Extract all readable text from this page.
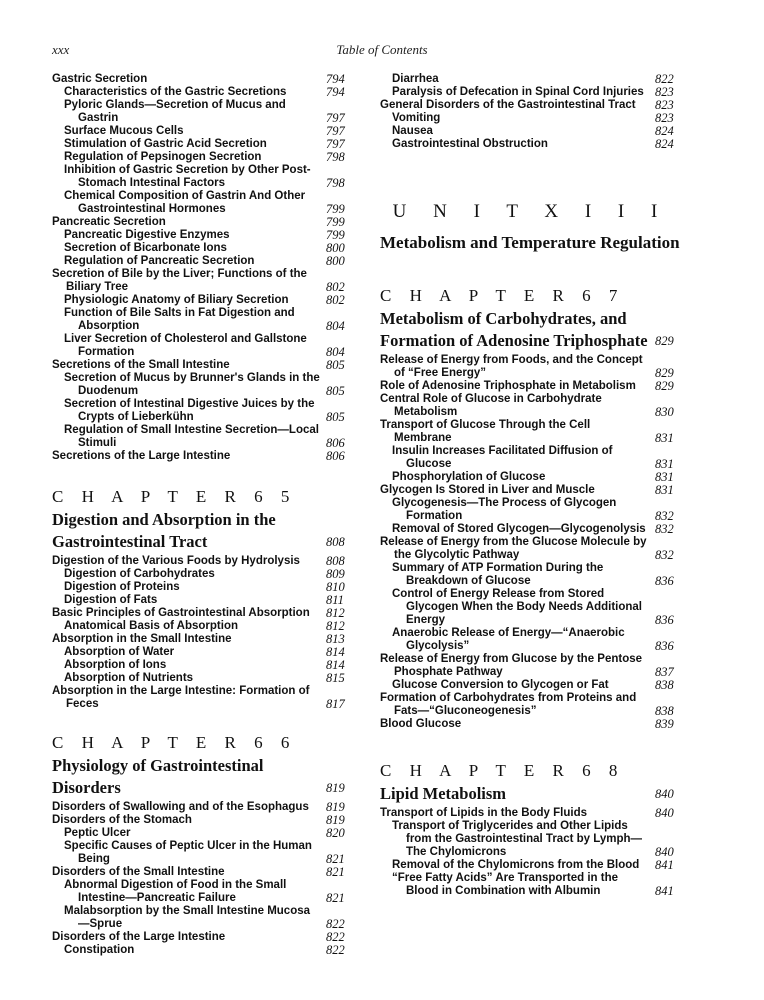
xxx	Table of Contents
Gastric Secretion	794
Characteristics of the Gastric Secretions	794
Pyloric Glands—Secretion of Mucus and Gastrin	797
Surface Mucous Cells	797
Stimulation of Gastric Acid Secretion	797
Regulation of Pepsinogen Secretion	798
Inhibition of Gastric Secretion by Other Post-Stomach Intestinal Factors	798
Chemical Composition of Gastrin And Other Gastrointestinal Hormones	799
Pancreatic Secretion	799
Pancreatic Digestive Enzymes	799
Secretion of Bicarbonate Ions	800
Regulation of Pancreatic Secretion	800
Secretion of Bile by the Liver; Functions of the Biliary Tree	802
Physiologic Anatomy of Biliary Secretion	802
Function of Bile Salts in Fat Digestion and Absorption	804
Liver Secretion of Cholesterol and Gallstone Formation	804
Secretions of the Small Intestine	805
Secretion of Mucus by Brunner's Glands in the Duodenum	805
Secretion of Intestinal Digestive Juices by the Crypts of Lieberkühn	805
Regulation of Small Intestine Secretion—Local Stimuli	806
Secretions of the Large Intestine	806
C H A P T E R 6 5
Digestion and Absorption in the Gastrointestinal Tract	808
Digestion of the Various Foods by Hydrolysis	808
Digestion of Carbohydrates	809
Digestion of Proteins	810
Digestion of Fats	811
Basic Principles of Gastrointestinal Absorption	812
Anatomical Basis of Absorption	812
Absorption in the Small Intestine	813
Absorption of Water	814
Absorption of Ions	814
Absorption of Nutrients	815
Absorption in the Large Intestine: Formation of Feces	817
C H A P T E R 6 6
Physiology of Gastrointestinal Disorders	819
Disorders of Swallowing and of the Esophagus	819
Disorders of the Stomach	819
Peptic Ulcer	820
Specific Causes of Peptic Ulcer in the Human Being	821
Disorders of the Small Intestine	821
Abnormal Digestion of Food in the Small Intestine—Pancreatic Failure	821
Malabsorption by the Small Intestine Mucosa—Sprue	822
Disorders of the Large Intestine	822
Constipation	822
Diarrhea	822
Paralysis of Defecation in Spinal Cord Injuries 823
General Disorders of the Gastrointestinal Tract	823
Vomiting	823
Nausea	824
Gastrointestinal Obstruction	824
U N I T X I I I
Metabolism and Temperature Regulation
C H A P T E R 6 7
Metabolism of Carbohydrates, and Formation of Adenosine Triphosphate 829
Release of Energy from Foods, and the Concept of “Free Energy”	829
Role of Adenosine Triphosphate in Metabolism	829
Central Role of Glucose in Carbohydrate Metabolism	830
Transport of Glucose Through the Cell Membrane	831
Insulin Increases Facilitated Diffusion of Glucose	831
Phosphorylation of Glucose	831
Glycogen Is Stored in Liver and Muscle	831
Glycogenesis—The Process of Glycogen Formation	832
Removal of Stored Glycogen—Glycogenolysis 832
Release of Energy from the Glucose Molecule by the Glycolytic Pathway	832
Summary of ATP Formation During the Breakdown of Glucose	836
Control of Energy Release from Stored Glycogen When the Body Needs Additional Energy	836
Anaerobic Release of Energy—“Anaerobic Glycolysis”	836
Release of Energy from Glucose by the Pentose Phosphate Pathway	837
Glucose Conversion to Glycogen or Fat	838
Formation of Carbohydrates from Proteins and Fats—“Gluconeogenesis”	838
Blood Glucose	839
C H A P T E R 6 8
Lipid Metabolism	840
Transport of Lipids in the Body Fluids	840
Transport of Triglycerides and Other Lipids from the Gastrointestinal Tract by Lymph—The Chylomicrons	840
Removal of the Chylomicrons from the Blood	841
“Free Fatty Acids” Are Transported in the Blood in Combination with Albumin	841
